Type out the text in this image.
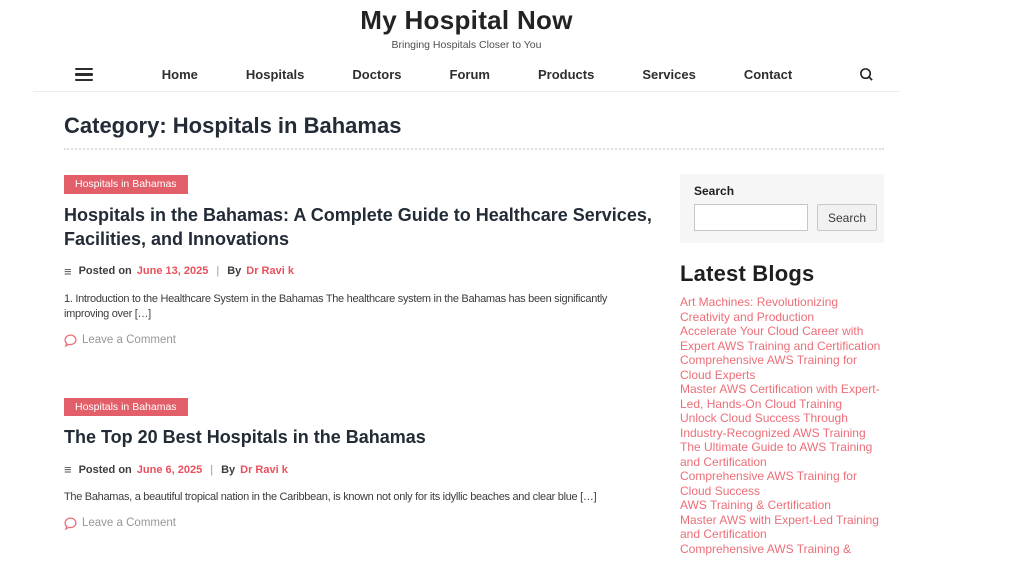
My Hospital Now

Bringing Hospitals Closer to You

Home	Hospitals	Doctors	Forum	Products	Services	Contact
Category: Hospitals in Bahamas
Hospitals in Bahamas
Hospitals in the Bahamas: A Complete Guide to Healthcare Services, Facilities, and Innovations
≡ Posted on June 13, 2025 | By Dr Ravi k

1. Introduction to the Healthcare System in the Bahamas The healthcare system in the Bahamas has been significantly improving over […]

Leave a Comment
Hospitals in Bahamas
The Top 20 Best Hospitals in the Bahamas
≡ Posted on June 6, 2025 | By Dr Ravi k

The Bahamas, a beautiful tropical nation in the Caribbean, is known not only for its idyllic beaches and clear blue […]

Leave a Comment
Search
Search
Latest Blogs
Art Machines: Revolutionizing Creativity and Production
Accelerate Your Cloud Career with Expert AWS Training and Certification
Comprehensive AWS Training for Cloud Experts
Master AWS Certification with Expert-Led, Hands-On Cloud Training
Unlock Cloud Success Through Industry-Recognized AWS Training
The Ultimate Guide to AWS Training and Certification
Comprehensive AWS Training for Cloud Success
AWS Training & Certification
Master AWS with Expert-Led Training and Certification
Comprehensive AWS Training &
